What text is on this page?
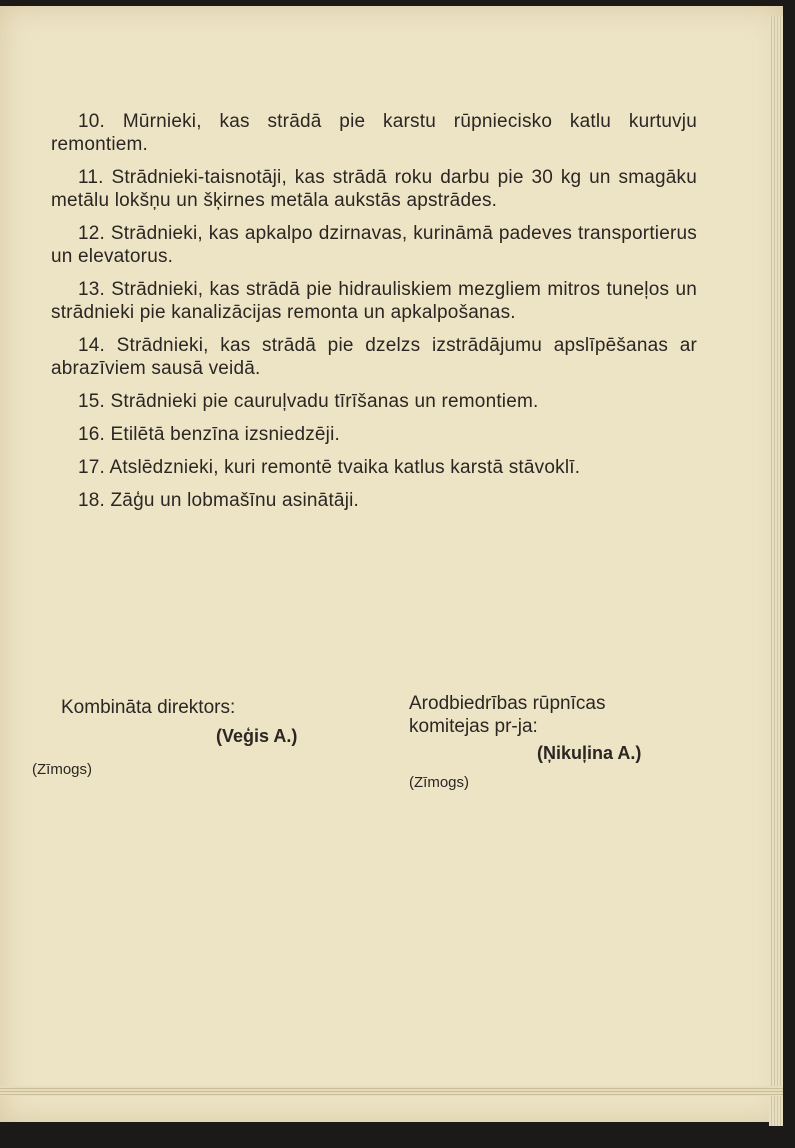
10. Mūrnieki, kas strādā pie karstu rūpniecisko katlu kurtuvju remontiem.

11. Strādnieki-taisnotāji, kas strādā roku darbu pie 30 kg un smagāku metālu lokšņu un šķirnes metāla aukstās apstrādes.

12. Strādnieki, kas apkalpo dzirnavas, kurināmā padeves transportierus un elevatorus.

13. Strādnieki, kas strādā pie hidrauliskiem mezgliem mitros tuneļos un strādnieki pie kanalizācijas remonta un apkalpošanas.

14. Strādnieki, kas strādā pie dzelzs izstrādājumu apslīpēšanas ar abrazīviem sausā veidā.

15. Strādnieki pie cauruļvadu tīrīšanas un remontiem.

16. Etilētā benzīna izsniedzēji.

17. Atslēdznieki, kuri remontē tvaika katlus karstā stāvoklī.

18. Zāģu un lobmašīnu asinātāji.

Kombināta direktors:
(Veģis A.)
(Zīmogs)
Arodbiedrības rūpnīcas komitejas pr-ja:
(Ņikuļina A.)
(Zīmogs)
